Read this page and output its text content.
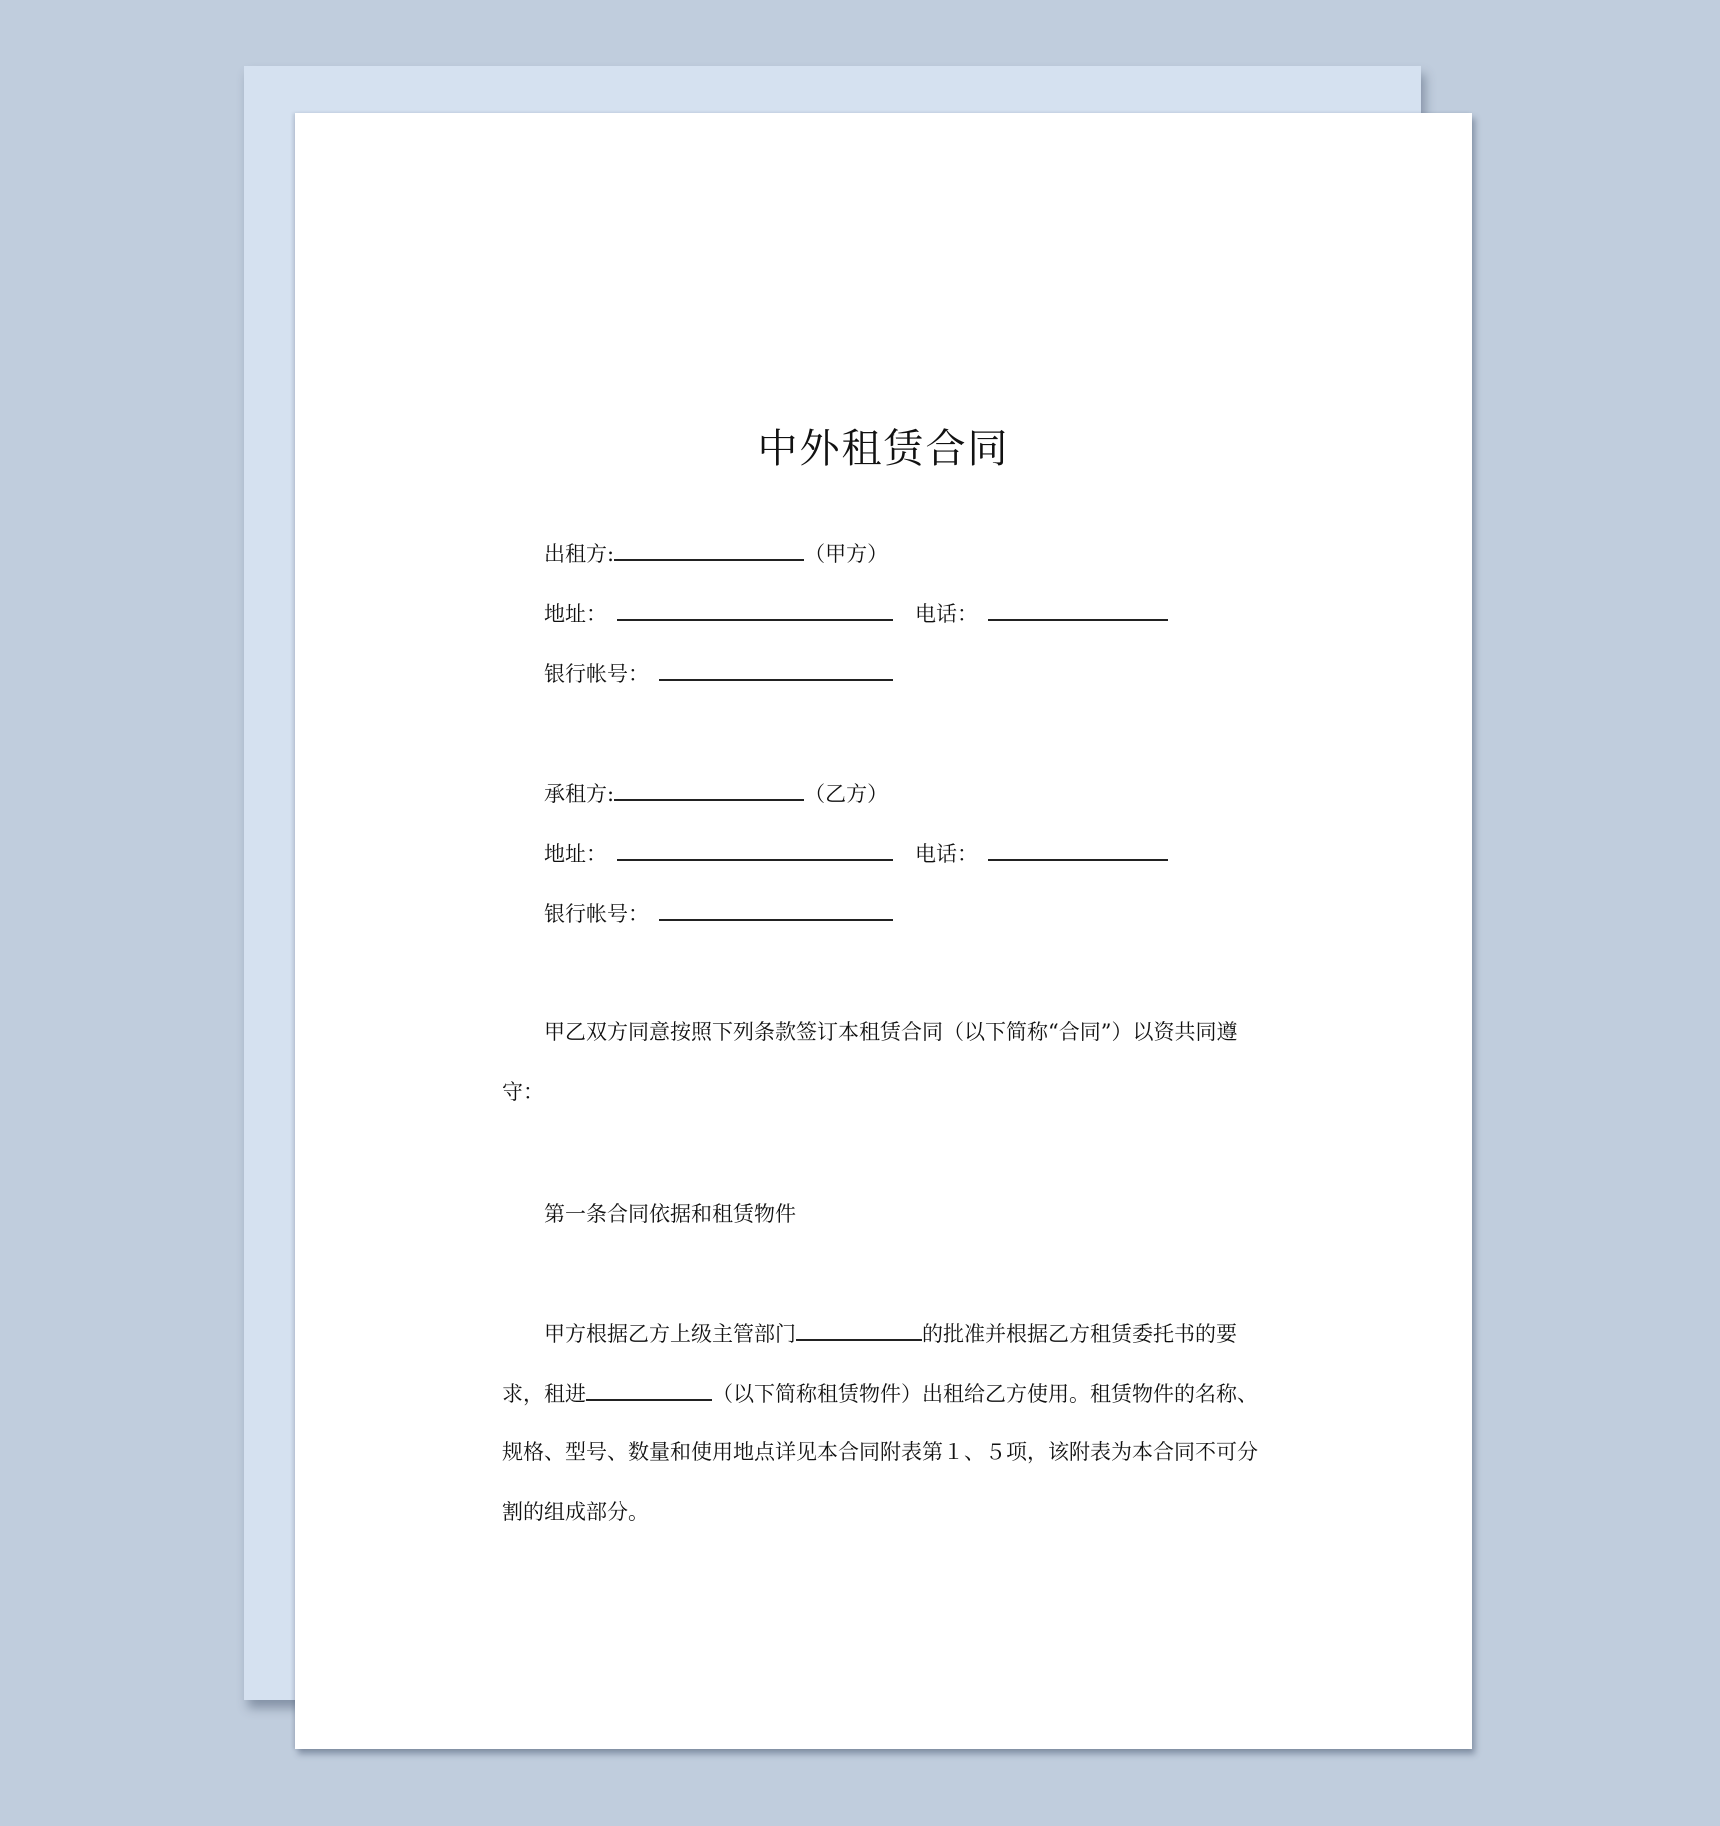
中外租赁合同
出租方:	（甲方）
地址：	电话：
银行帐号：
承租方:	（乙方）
地址：	电话：
银行帐号：
甲乙双方同意按照下列条款签订本租赁合同（以下简称“合同”）以资共同遵
守：
第一条合同依据和租赁物件
甲方根据乙方上级主管部门	的批准并根据乙方租赁委托书的要
求，租进	（以下简称租赁物件）出租给乙方使用。租赁物件的名称、
规格、型号、数量和使用地点详见本合同附表第１、５项，该附表为本合同不可分
割的组成部分。
